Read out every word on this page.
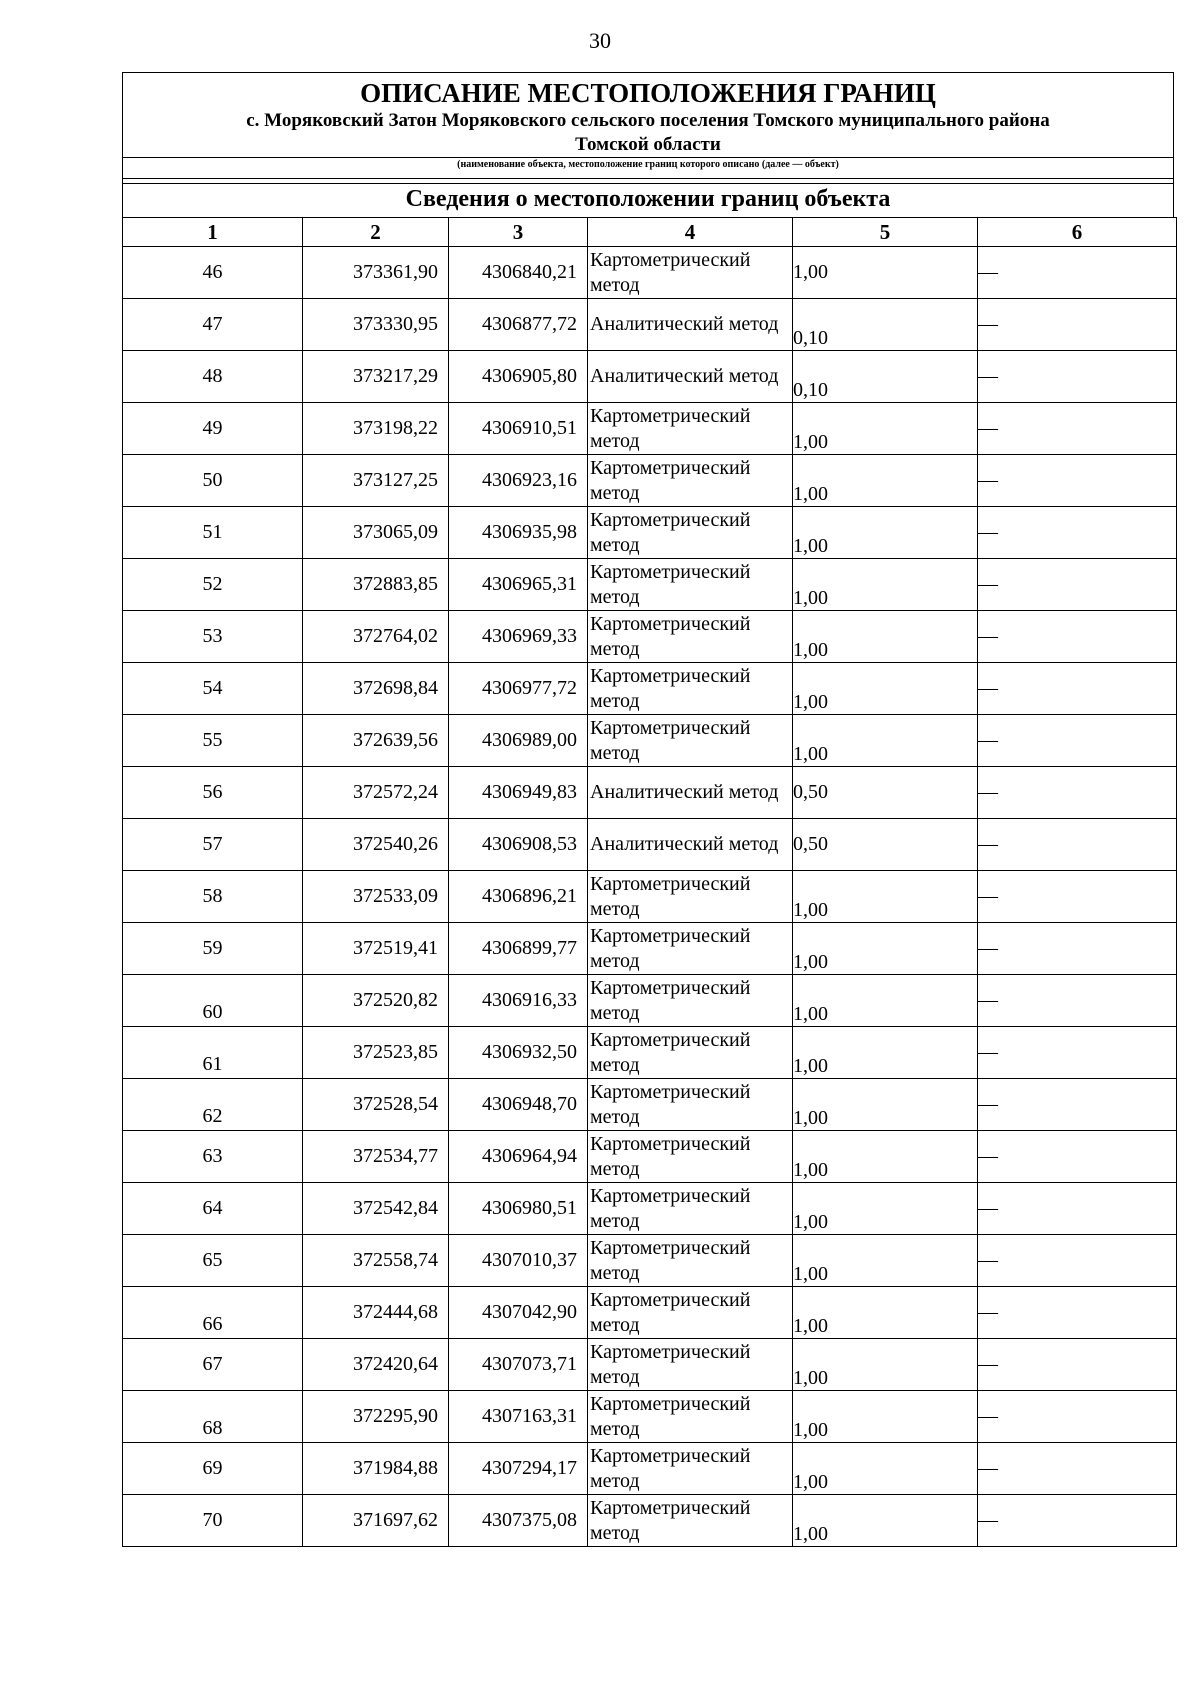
30
ОПИСАНИЕ МЕСТОПОЛОЖЕНИЯ ГРАНИЦ
с. Моряковский Затон Моряковского сельского поселения Томского муниципального района
Томской области
(наименование объекта, местоположение границ которого описано (далее — объект)
Сведения о местоположении границ объекта
1	2	3	4	5	6

46	373361,90	4306840,21	Картометрический метод	1,00	—

47	373330,95	4306877,72	Аналитический метод	0,10	—

48	373217,29	4306905,80	Аналитический метод	0,10	—

49	373198,22	4306910,51	Картометрический метод	1,00	—

50	373127,25	4306923,16	Картометрический метод	1,00	—

51	373065,09	4306935,98	Картометрический метод	1,00	—

52	372883,85	4306965,31	Картометрический метод	1,00	—

53	372764,02	4306969,33	Картометрический метод	1,00	—

54	372698,84	4306977,72	Картометрический метод	1,00	—

55	372639,56	4306989,00	Картометрический метод	1,00	—

56	372572,24	4306949,83	Аналитический метод	0,50	—

57	372540,26	4306908,53	Аналитический метод	0,50	—

58	372533,09	4306896,21	Картометрический метод	1,00	—

59	372519,41	4306899,77	Картометрический метод	1,00	—

60	372520,82	4306916,33	Картометрический метод	1,00	—

61	372523,85	4306932,50	Картометрический метод	1,00	—

62	372528,54	4306948,70	Картометрический метод	1,00	—

63	372534,77	4306964,94	Картометрический метод	1,00	—

64	372542,84	4306980,51	Картометрический метод	1,00	—

65	372558,74	4307010,37	Картометрический метод	1,00	—

66	372444,68	4307042,90	Картометрический метод	1,00	—

67	372420,64	4307073,71	Картометрический метод	1,00	—

68	372295,90	4307163,31	Картометрический метод	1,00	—

69	371984,88	4307294,17	Картометрический метод	1,00	—

70	371697,62	4307375,08	Картометрический метод	1,00	—
